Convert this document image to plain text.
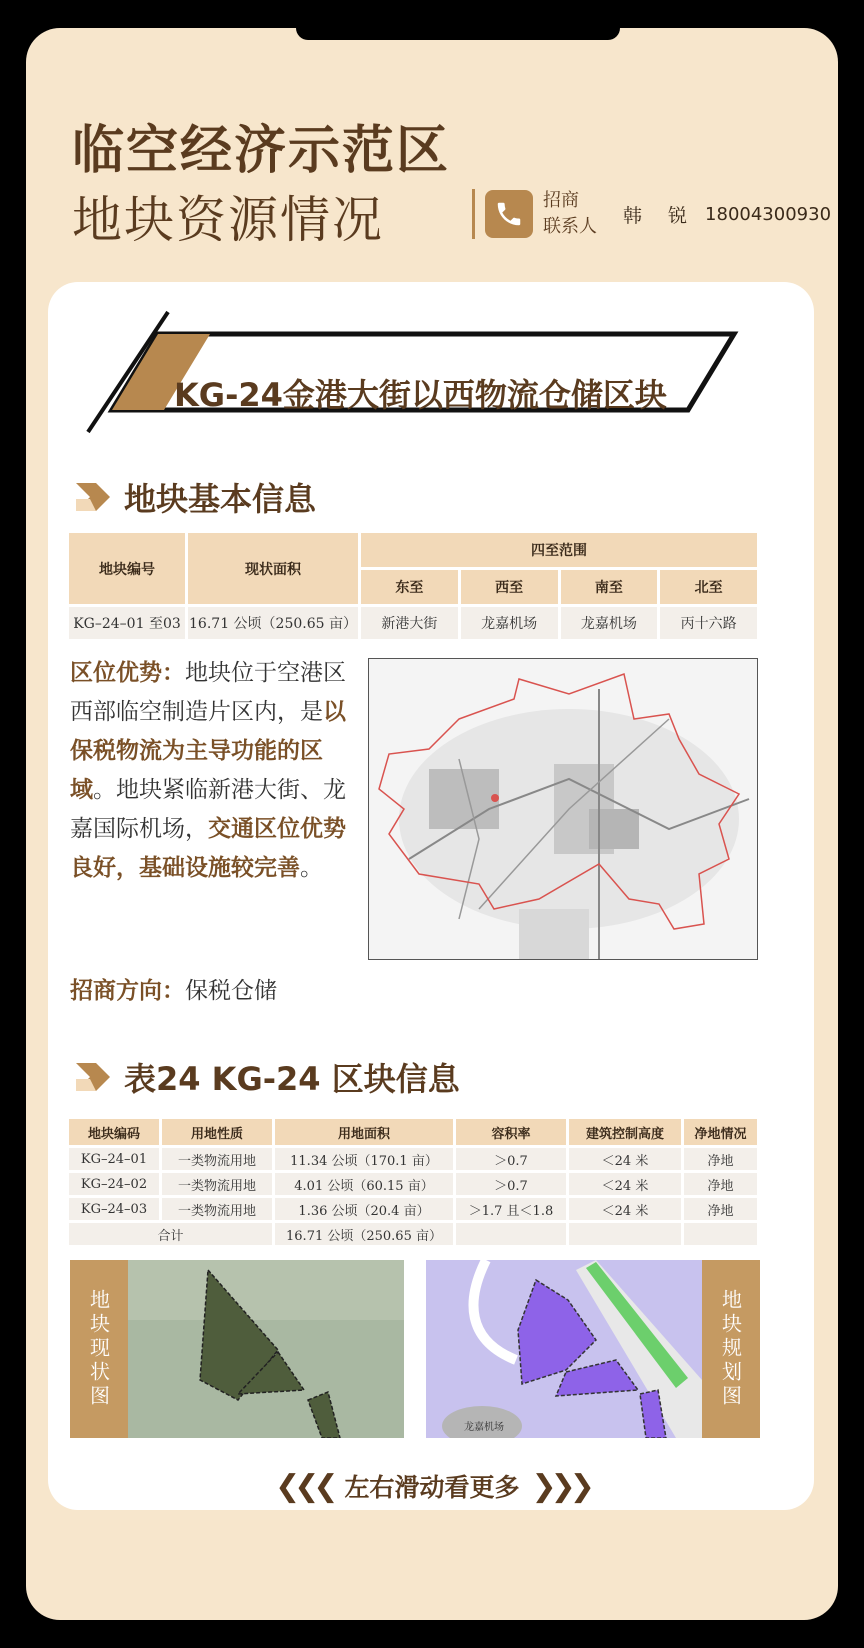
临空经济示范区
地块资源情况	招商
联系人	韩 锐 18004300930
KG-24金港大街以西物流仓储区块
地块基本信息
地块编号	现状面积	四至范围			
		东至	西至	南至	北至
KG–24–01 至03	16.71 公顷（250.65 亩）	新港大街	龙嘉机场	龙嘉机场	丙十六路
区位优势：地块位于空港区西部临空制造片区内，是以保税物流为主导功能的区域。地块紧临新港大街、龙嘉国际机场，交通区位优势良好，基础设施较完善。
招商方向：保税仓储
表24 KG-24 区块信息
地块编码	用地性质	用地面积	容积率	建筑控制高度	净地情况
KG–24–01	一类物流用地	11.34 公顷（170.1 亩）	＞0.7	＜24 米	净地
KG–24–02	一类物流用地	4.01 公顷（60.15 亩）	＞0.7	＜24 米	净地
KG–24–03	一类物流用地	1.36 公顷（20.4 亩）	＞1.7 且＜1.8	＜24 米	净地
合计		16.71 公顷（250.65 亩）			
地块现状图
龙嘉机场
地块规划图
❮❮❮ 左右滑动看更多 ❯❯❯
